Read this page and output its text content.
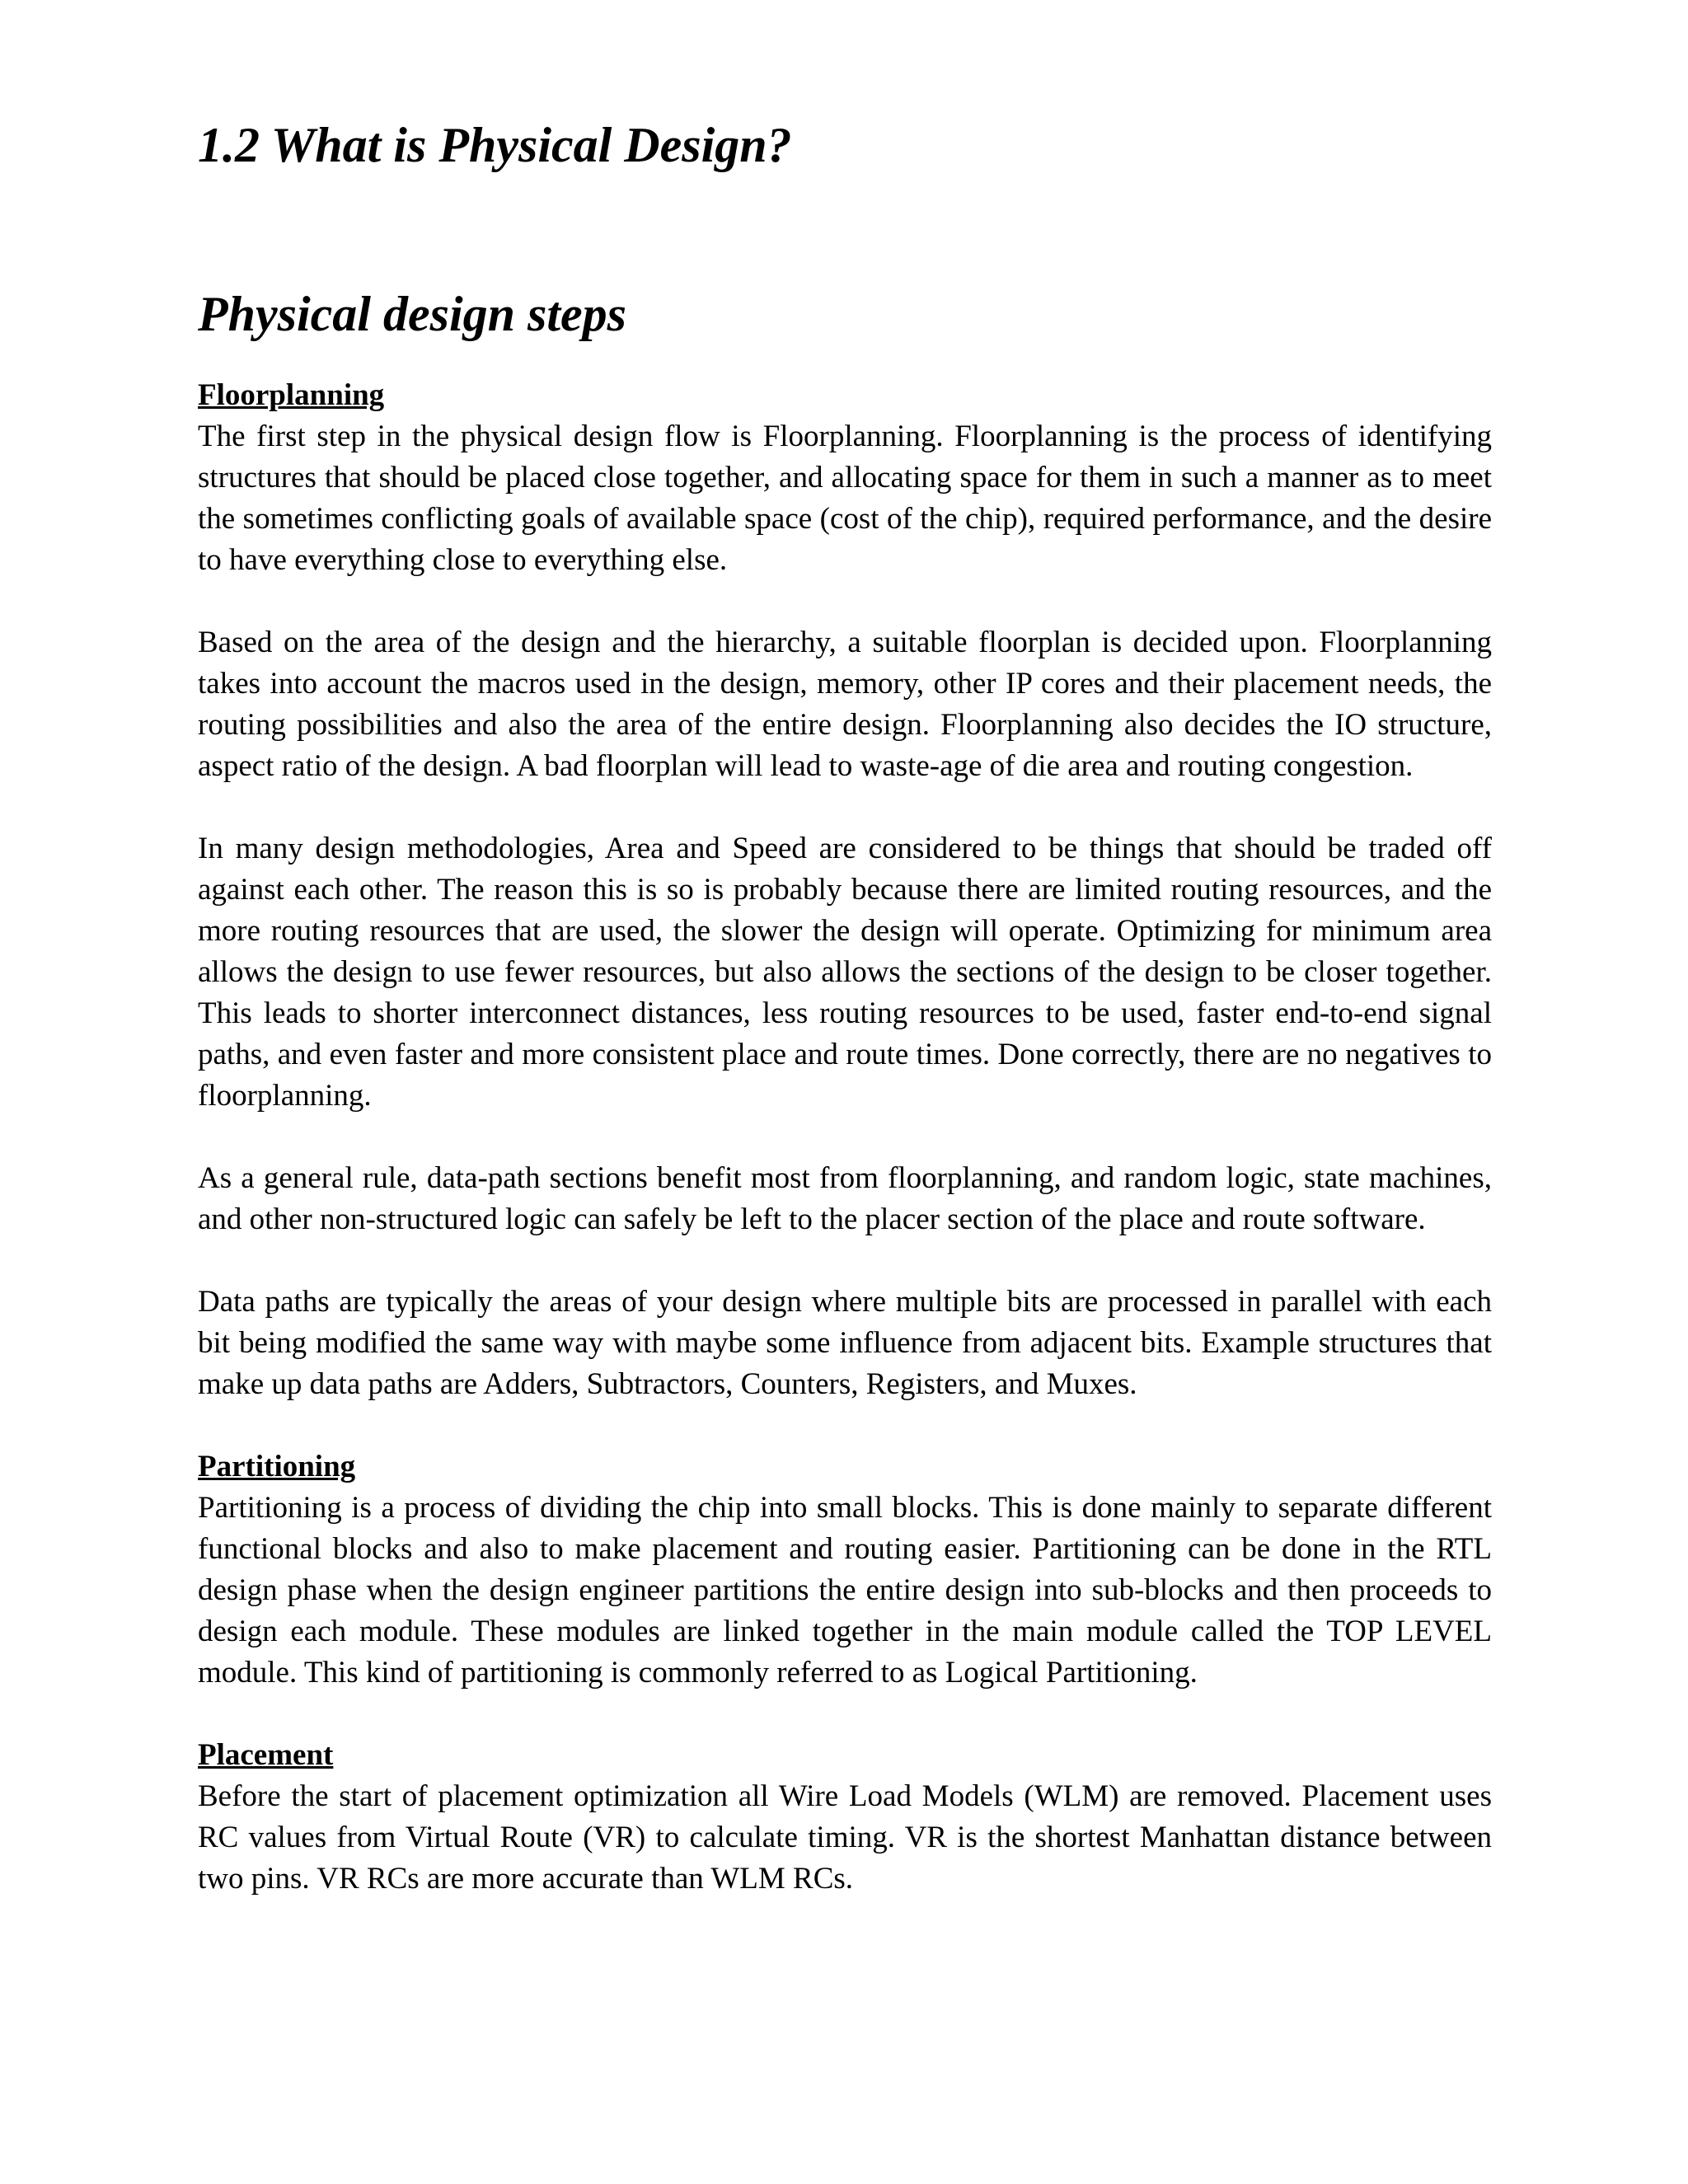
1.2 What is Physical Design?
Physical design steps
Floorplanning

The first step in the physical design flow is Floorplanning. Floorplanning is the process of identifying structures that should be placed close together, and allocating space for them in such a manner as to meet the sometimes conflicting goals of available space (cost of the chip), required performance, and the desire to have everything close to everything else.

Based on the area of the design and the hierarchy, a suitable floorplan is decided upon. Floorplanning takes into account the macros used in the design, memory, other IP cores and their placement needs, the routing possibilities and also the area of the entire design. Floorplanning also decides the IO structure, aspect ratio of the design. A bad floorplan will lead to waste-age of die area and routing congestion.

In many design methodologies, Area and Speed are considered to be things that should be traded off against each other. The reason this is so is probably because there are limited routing resources, and the more routing resources that are used, the slower the design will operate. Optimizing for minimum area allows the design to use fewer resources, but also allows the sections of the design to be closer together. This leads to shorter interconnect distances, less routing resources to be used, faster end-to-end signal paths, and even faster and more consistent place and route times. Done correctly, there are no negatives to floorplanning.

As a general rule, data-path sections benefit most from floorplanning, and random logic, state machines, and other non-structured logic can safely be left to the placer section of the place and route software.

Data paths are typically the areas of your design where multiple bits are processed in parallel with each bit being modified the same way with maybe some influence from adjacent bits. Example structures that make up data paths are Adders, Subtractors, Counters, Registers, and Muxes.

Partitioning

Partitioning is a process of dividing the chip into small blocks. This is done mainly to separate different functional blocks and also to make placement and routing easier. Partitioning can be done in the RTL design phase when the design engineer partitions the entire design into sub-blocks and then proceeds to design each module. These modules are linked together in the main module called the TOP LEVEL module. This kind of partitioning is commonly referred to as Logical Partitioning.

Placement

Before the start of placement optimization all Wire Load Models (WLM) are removed. Placement uses RC values from Virtual Route (VR) to calculate timing. VR is the shortest Manhattan distance between two pins. VR RCs are more accurate than WLM RCs.
